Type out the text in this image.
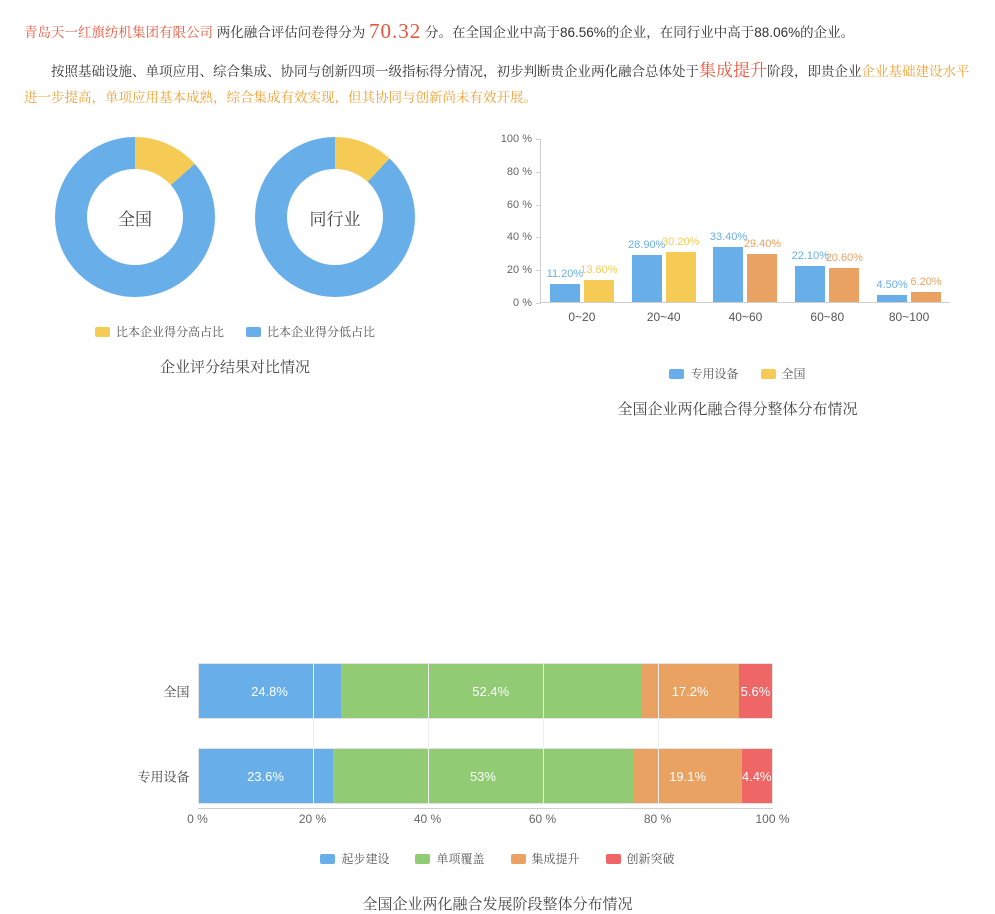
青岛天一红旗纺机集团有限公司 两化融合评估问卷得分为 70.32 分。在全国企业中高于86.56%的企业，在同行业中高于88.06%的企业。

按照基础设施、单项应用、综合集成、协同与创新四项一级指标得分情况，初步判断贵企业两化融合总体处于集成提升阶段，即贵企业企业基础建设水平进一步提高，单项应用基本成熟，综合集成有效实现，但其协同与创新尚未有效开展。

全国	同行业
比本企业得分高占比	比本企业得分低占比
企业评分结果对比情况
11.20%
13.60%
0~20
28.90%
30.20%
20~40
33.40%
29.40%
40~60
22.10%
20.60%
60~80
4.50% 6.20%
80~100
0 %
20 %
40 %
60 %
80 %
100 %
专用设备	全国
全国企业两化融合得分整体分布情况
全国	24.8%	52.4%	17.2%	5.6%
专用设备	23.6%	53%	19.1%	4.4%
0 %	20 %	40 %	60 %	80 %	100 %
起步建设	单项覆盖	集成提升	创新突破
全国企业两化融合发展阶段整体分布情况
